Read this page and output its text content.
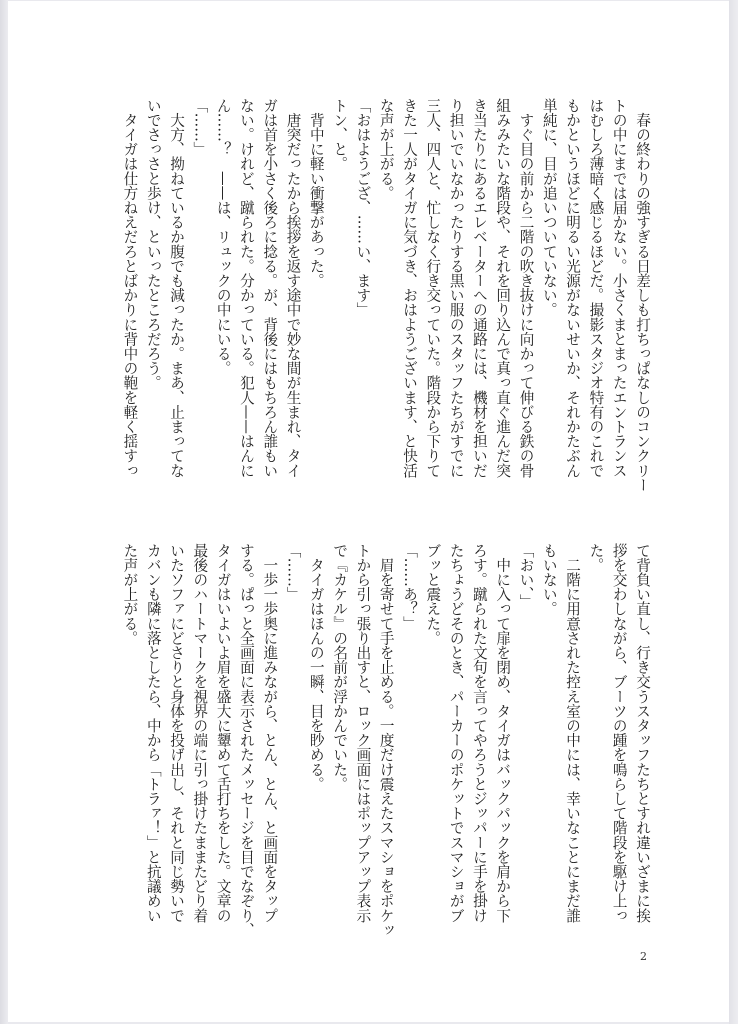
　春の終わりの強すぎる日差しも打ちっぱなしのコンクリー
トの中にまでは届かない。小さくまとまったエントランス
はむしろ薄暗く感じるほどだ。撮影スタジオ特有のこれで
もかというほどに明るい光源がないせいか、それかたぶん
単純に、目が追いついていない。
　すぐ目の前から二階の吹き抜けに向かって伸びる鉄の骨
組みみたいな階段や、それを回り込んで真っ直ぐ進んだ突
き当たりにあるエレベーターへの通路には、機材を担いだ
り担いでいなかったりする黒い服のスタッフたちがすでに
三人、四人と、忙しなく行き交っていた。階段から下りて
きた一人がタイガに気づき、おはようございます、と快活
な声が上がる。
「おはようござ、……い、ます」
トン、と。
　背中に軽い衝撃があった。
　唐突だったから挨拶を返す途中で妙な間が生まれ、タイ
ガは首を小さく後ろに捻る。が、背後にはもちろん誰もい
ない。けれど、蹴られた。分かっている。犯人——はんに
ん……？　——は、リュックの中にいる。
「……」
　大方、拗ねているか腹でも減ったか。まあ、止まってな
いでさっさと歩け、といったところだろう。
　タイガは仕方ねえだろとばかりに背中の鞄を軽く揺すっ
て背負い直し、行き交うスタッフたちとすれ違いざまに挨
拶を交わしながら、ブーツの踵を鳴らして階段を駆け上っ
た。
　二階に用意された控え室の中には、幸いなことにまだ誰
もいない。
「おい、」
　中に入って扉を閉め、タイガはバックパックを肩から下
ろす。蹴られた文句を言ってやろうとジッパーに手を掛け
たちょうどそのとき、パーカーのポケットでスマショがブ
ブッと震えた。
「……あ？」
　眉を寄せて手を止める。一度だけ震えたスマショをポケッ
トから引っ張り出すと、ロック画面にはポップアップ表示
で『カケル』の名前が浮かんでいた。
　タイガはほんの一瞬、目を眇める。
「……」
　一歩一歩奥に進みながら、とん、とん、と画面をタップ
する。ぱっと全画面に表示されたメッセージを目でなぞり、
タイガはいよいよ眉を盛大に顰めて舌打ちをした。文章の
最後のハートマークを視界の端に引っ掛けたままたどり着
いたソファにどさりと身体を投げ出し、それと同じ勢いで
カバンも隣に落としたら、中から「トラァ！」と抗議めい
た声が上がる。
2
